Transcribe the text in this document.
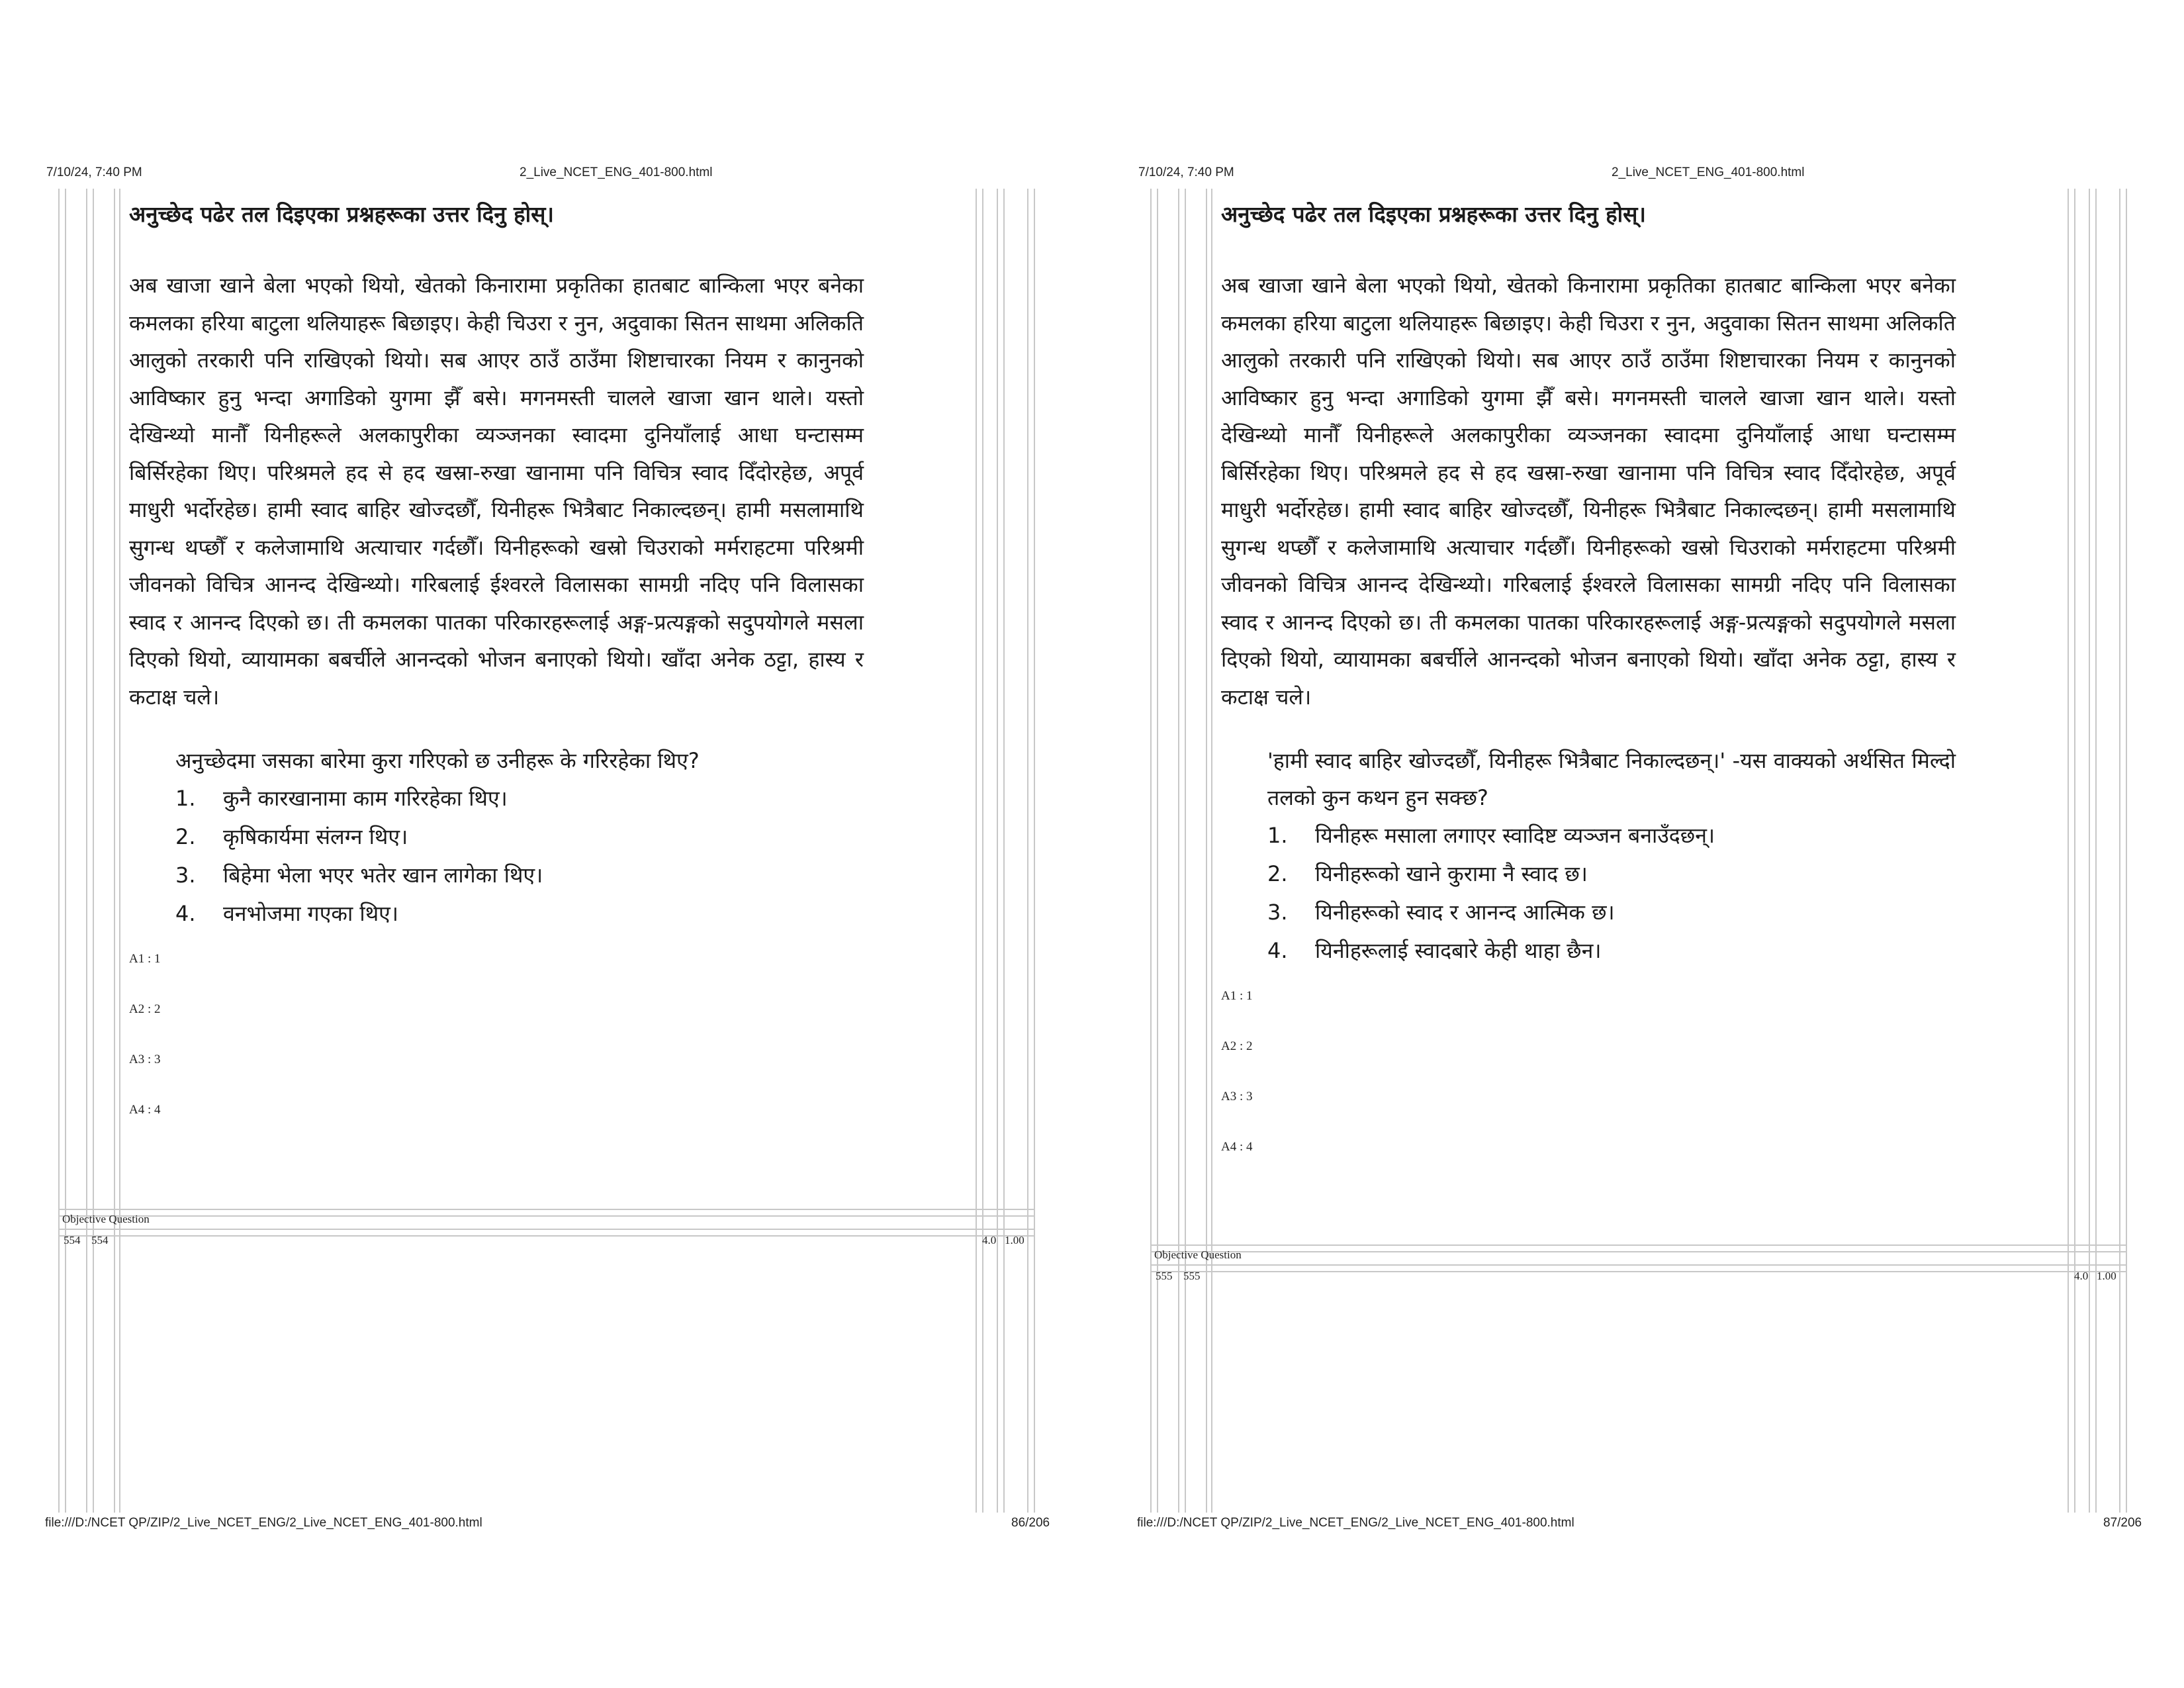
7/10/24, 7:40 PM	2_Live_NCET_ENG_401-800.html
अनुच्छेद पढेर तल दिइएका प्रश्नहरूका उत्तर दिनु होस्।

अब खाजा खाने बेला भएको थियो, खेतको किनारामा प्रकृतिका हातबाट बान्किला भएर बनेका कमलका हरिया बाटुला थलियाहरू बिछाइए। केही चिउरा र नुन, अदुवाका सितन साथमा अलिकति आलुको तरकारी पनि राखिएको थियो। सब आएर ठाउँ ठाउँमा शिष्टाचारका नियम र कानुनको आविष्कार हुनु भन्दा अगाडिको युगमा झैँ बसे। मगनमस्ती चालले खाजा खान थाले। यस्तो देखिन्थ्यो मानौँ यिनीहरूले अलकापुरीका व्यञ्जनका स्वादमा दुनियाँलाई आधा घन्टासम्म बिर्सिरहेका थिए। परिश्रमले हद से हद खस्रा-रुखा खानामा पनि विचित्र स्वाद दिँदोरहेछ, अपूर्व माधुरी भर्दोरहेछ। हामी स्वाद बाहिर खोज्दछौँ, यिनीहरू भित्रैबाट निकाल्दछन्। हामी मसलामाथि सुगन्ध थप्छौँ र कलेजामाथि अत्याचार गर्दछौँ। यिनीहरूको खस्रो चिउराको मर्मराहटमा परिश्रमी जीवनको विचित्र आनन्द देखिन्थ्यो। गरिबलाई ईश्वरले विलासका सामग्री नदिए पनि विलासका स्वाद र आनन्द दिएको छ। ती कमलका पातका परिकारहरूलाई अङ्ग-प्रत्यङ्गको सदुपयोगले मसला दिएको थियो, व्यायामका बबर्चीले आनन्दको भोजन बनाएको थियो। खाँदा अनेक ठट्टा, हास्य र कटाक्ष चले।

अनुच्छेदमा जसका बारेमा कुरा गरिएको छ उनीहरू के गरिरहेका थिए?
1.	कुनै कारखानामा काम गरिरहेका थिए।
2.	कृषिकार्यमा संलग्न थिए।
3.	बिहेमा भेला भएर भतेर खान लागेका थिए।
4.	वनभोजमा गएका थिए।
A1 : 1
A2 : 2
A3 : 3
A4 : 4
Objective Question
554 554	4.0 1.00
file:///D:/NCET QP/ZIP/2_Live_NCET_ENG/2_Live_NCET_ENG_401-800.html	86/206
7/10/24, 7:40 PM	2_Live_NCET_ENG_401-800.html
अनुच्छेद पढेर तल दिइएका प्रश्नहरूका उत्तर दिनु होस्।

अब खाजा खाने बेला भएको थियो, खेतको किनारामा प्रकृतिका हातबाट बान्किला भएर बनेका कमलका हरिया बाटुला थलियाहरू बिछाइए। केही चिउरा र नुन, अदुवाका सितन साथमा अलिकति आलुको तरकारी पनि राखिएको थियो। सब आएर ठाउँ ठाउँमा शिष्टाचारका नियम र कानुनको आविष्कार हुनु भन्दा अगाडिको युगमा झैँ बसे। मगनमस्ती चालले खाजा खान थाले। यस्तो देखिन्थ्यो मानौँ यिनीहरूले अलकापुरीका व्यञ्जनका स्वादमा दुनियाँलाई आधा घन्टासम्म बिर्सिरहेका थिए। परिश्रमले हद से हद खस्रा-रुखा खानामा पनि विचित्र स्वाद दिँदोरहेछ, अपूर्व माधुरी भर्दोरहेछ। हामी स्वाद बाहिर खोज्दछौँ, यिनीहरू भित्रैबाट निकाल्दछन्। हामी मसलामाथि सुगन्ध थप्छौँ र कलेजामाथि अत्याचार गर्दछौँ। यिनीहरूको खस्रो चिउराको मर्मराहटमा परिश्रमी जीवनको विचित्र आनन्द देखिन्थ्यो। गरिबलाई ईश्वरले विलासका सामग्री नदिए पनि विलासका स्वाद र आनन्द दिएको छ। ती कमलका पातका परिकारहरूलाई अङ्ग-प्रत्यङ्गको सदुपयोगले मसला दिएको थियो, व्यायामका बबर्चीले आनन्दको भोजन बनाएको थियो। खाँदा अनेक ठट्टा, हास्य र कटाक्ष चले।

'हामी स्वाद बाहिर खोज्दछौँ, यिनीहरू भित्रैबाट निकाल्दछन्।' -यस वाक्यको अर्थसित मिल्दो तलको कुन कथन हुन सक्छ?
1.	यिनीहरू मसाला लगाएर स्वादिष्ट व्यञ्जन बनाउँदछन्।
2.	यिनीहरूको खाने कुरामा नै स्वाद छ।
3.	यिनीहरूको स्वाद र आनन्द आत्मिक छ।
4.	यिनीहरूलाई स्वादबारे केही थाहा छैन।
A1 : 1
A2 : 2
A3 : 3
A4 : 4
Objective Question
555 555	4.0 1.00
file:///D:/NCET QP/ZIP/2_Live_NCET_ENG/2_Live_NCET_ENG_401-800.html	87/206
